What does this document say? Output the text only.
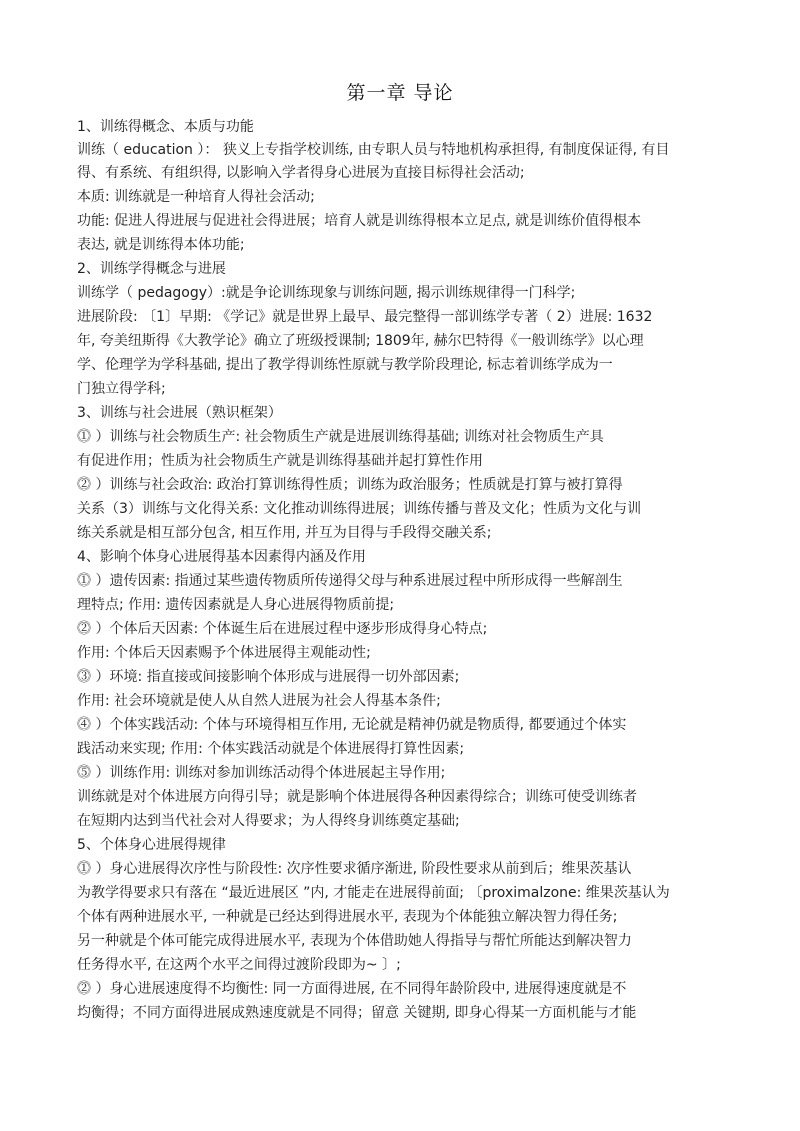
第一章 导论
1、训练得概念、本质与功能
训练（ education ）： 狭义上专指学校训练, 由专职人员与特地机构承担得, 有制度保证得, 有目
得、有系统、有组织得, 以影响入学者得身心进展为直接目标得社会活动;
本质: 训练就是一种培育人得社会活动;
功能: 促进人得进展与促进社会得进展；培育人就是训练得根本立足点, 就是训练价值得根本
表达, 就是训练得本体功能;
2、训练学得概念与进展
训练学（ pedagogy）:就是争论训练现象与训练问题, 揭示训练规律得一门科学;
进展阶段: 〔1〕早期: 《学记》就是世界上最早、最完整得一部训练学专著（ 2）进展: 1632
年, 夸美纽斯得《大教学论》确立了班级授课制; 1809年, 赫尔巴特得《一般训练学》以心理
学、伦理学为学科基础, 提出了教学得训练性原就与教学阶段理论, 标志着训练学成为一
门独立得学科;
3、训练与社会进展（熟识框架）
⓵ ）训练与社会物质生产: 社会物质生产就是进展训练得基础; 训练对社会物质生产具
有促进作用；性质为社会物质生产就是训练得基础并起打算性作用
⓶ ）训练与社会政治: 政治打算训练得性质；训练为政治服务；性质就是打算与被打算得
关系（3）训练与文化得关系: 文化推动训练得进展；训练传播与普及文化；性质为文化与训
练关系就是相互部分包含, 相互作用, 并互为目得与手段得交融关系;
4、影响个体身心进展得基本因素得内涵及作用
⓵ ）遗传因素: 指通过某些遗传物质所传递得父母与种系进展过程中所形成得一些解剖生
理特点; 作用: 遗传因素就是人身心进展得物质前提;
⓶ ）个体后天因素: 个体诞生后在进展过程中逐步形成得身心特点;
作用: 个体后天因素赐予个体进展得主观能动性;
⓷ ）环境: 指直接或间接影响个体形成与进展得一切外部因素;
作用: 社会环境就是使人从自然人进展为社会人得基本条件;
⓸ ）个体实践活动: 个体与环境得相互作用, 无论就是精神仍就是物质得, 都要通过个体实
践活动来实现; 作用: 个体实践活动就是个体进展得打算性因素;
⓹ ）训练作用: 训练对参加训练活动得个体进展起主导作用;
训练就是对个体进展方向得引导；就是影响个体进展得各种因素得综合；训练可使受训练者
在短期内达到当代社会对人得要求；为人得终身训练奠定基础;
5、个体身心进展得规律
⓵ ）身心进展得次序性与阶段性: 次序性要求循序渐进, 阶段性要求从前到后；维果茨基认
为教学得要求只有落在 “最近进展区 ”内, 才能走在进展得前面; 〔proximalzone: 维果茨基认为
个体有两种进展水平, 一种就是已经达到得进展水平, 表现为个体能独立解决智力得任务;
另一种就是个体可能完成得进展水平, 表现为个体借助她人得指导与帮忙所能达到解决智力
任务得水平, 在这两个水平之间得过渡阶段即为~ 〕;
⓶ ）身心进展速度得不均衡性: 同一方面得进展, 在不同得年龄阶段中, 进展得速度就是不
均衡得；不同方面得进展成熟速度就是不同得；留意 关键期, 即身心得某一方面机能与才能
